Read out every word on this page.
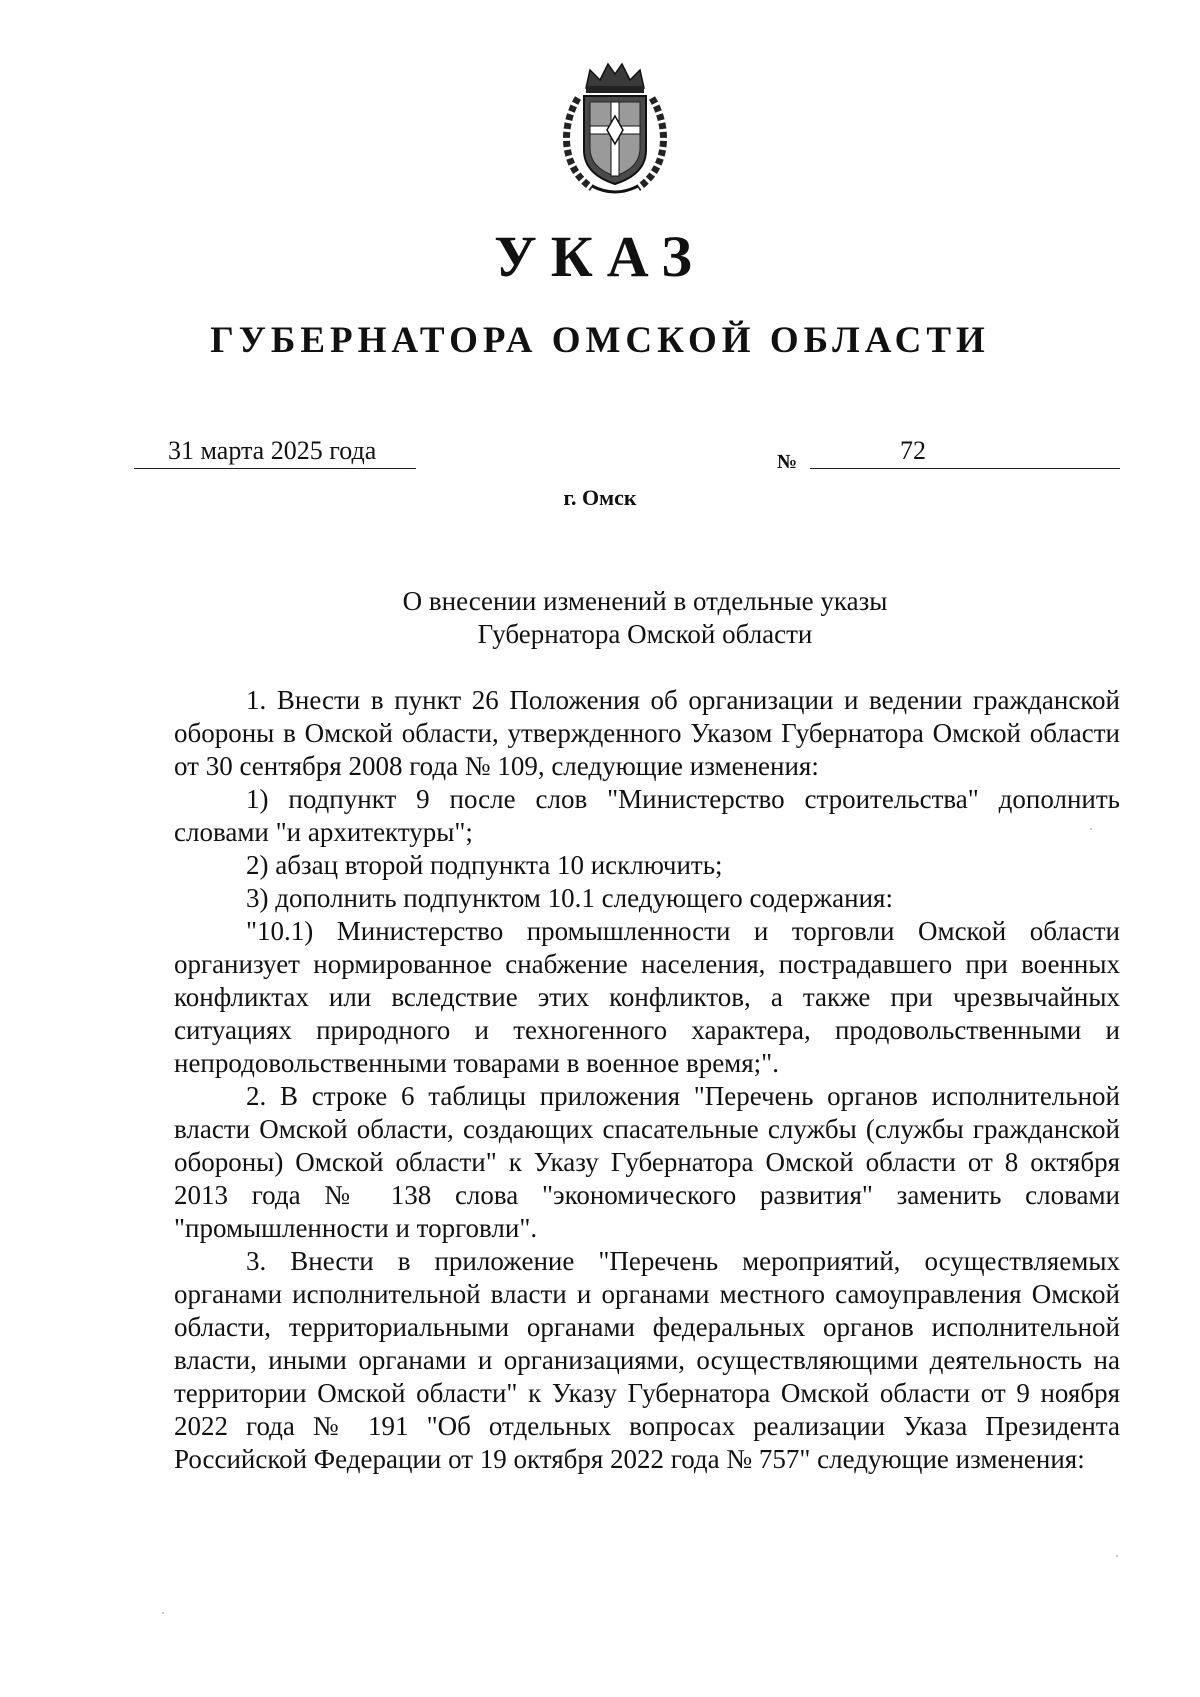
УКАЗ
ГУБЕРНАТОРА ОМСКОЙ ОБЛАСТИ
31 марта 2025 года	№	72
г. Омск
О внесении изменений в отдельные указы
Губернатора Омской области

1. Внести в пункт 26 Положения об организации и ведении гражданской обороны в Омской области, утвержденного Указом Губернатора Омской области от 30 сентября 2008 года № 109, следующие изменения:

1) подпункт 9 после слов "Министерство строительства" дополнить словами "и архитектуры";

2) абзац второй подпункта 10 исключить;

3) дополнить подпунктом 10.1 следующего содержания:

"10.1) Министерство промышленности и торговли Омской области организует нормированное снабжение населения, пострадавшего при военных конфликтах или вследствие этих конфликтов, а также при чрезвычайных ситуациях природного и техногенного характера, продовольственными и непродовольственными товарами в военное время;".

2. В строке 6 таблицы приложения "Перечень органов исполнительной власти Омской области, создающих спасательные службы (службы гражданской обороны) Омской области" к Указу Губернатора Омской области от 8 октября 2013 года № 138 слова "экономического развития" заменить словами "промышленности и торговли".

3. Внести в приложение "Перечень мероприятий, осуществляемых органами исполнительной власти и органами местного самоуправления Омской области, территориальными органами федеральных органов исполнительной власти, иными органами и организациями, осуществляющими деятельность на территории Омской области" к Указу Губернатора Омской области от 9 ноября 2022 года № 191 "Об отдельных вопросах реализации Указа Президента Российской Федерации от 19 октября 2022 года № 757" следующие изменения:
